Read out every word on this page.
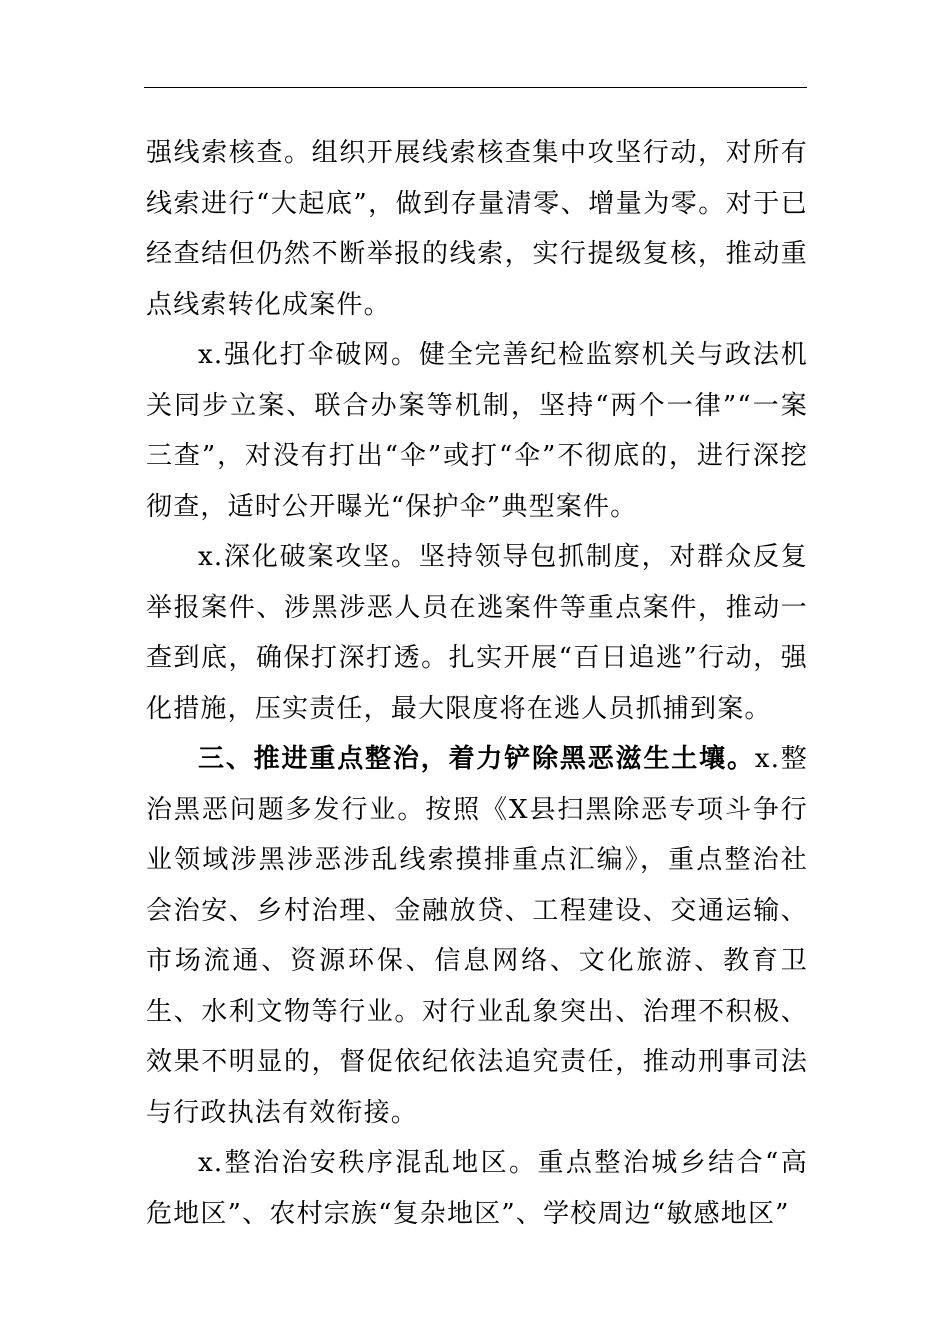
强线索核查。组织开展线索核查集中攻坚行动，对所有线索进行“大起底”，做到存量清零、增量为零。对于已经查结但仍然不断举报的线索，实行提级复核，推动重点线索转化成案件。

x.强化打伞破网。健全完善纪检监察机关与政法机关同步立案、联合办案等机制，坚持“两个一律”“一案三查”，对没有打出“伞”或打“伞”不彻底的，进行深挖彻查，适时公开曝光“保护伞”典型案件。

x.深化破案攻坚。坚持领导包抓制度，对群众反复举报案件、涉黑涉恶人员在逃案件等重点案件，推动一查到底，确保打深打透。扎实开展“百日追逃”行动，强化措施，压实责任，最大限度将在逃人员抓捕到案。

三、推进重点整治，着力铲除黑恶滋生土壤。x.整治黑恶问题多发行业。按照《X县扫黑除恶专项斗争行业领域涉黑涉恶涉乱线索摸排重点汇编》，重点整治社会治安、乡村治理、金融放贷、工程建设、交通运输、市场流通、资源环保、信息网络、文化旅游、教育卫生、水利文物等行业。对行业乱象突出、治理不积极、效果不明显的，督促依纪依法追究责任，推动刑事司法与行政执法有效衔接。

x.整治治安秩序混乱地区。重点整治城乡结合“高危地区”、农村宗族“复杂地区”、学校周边“敏感地区”
